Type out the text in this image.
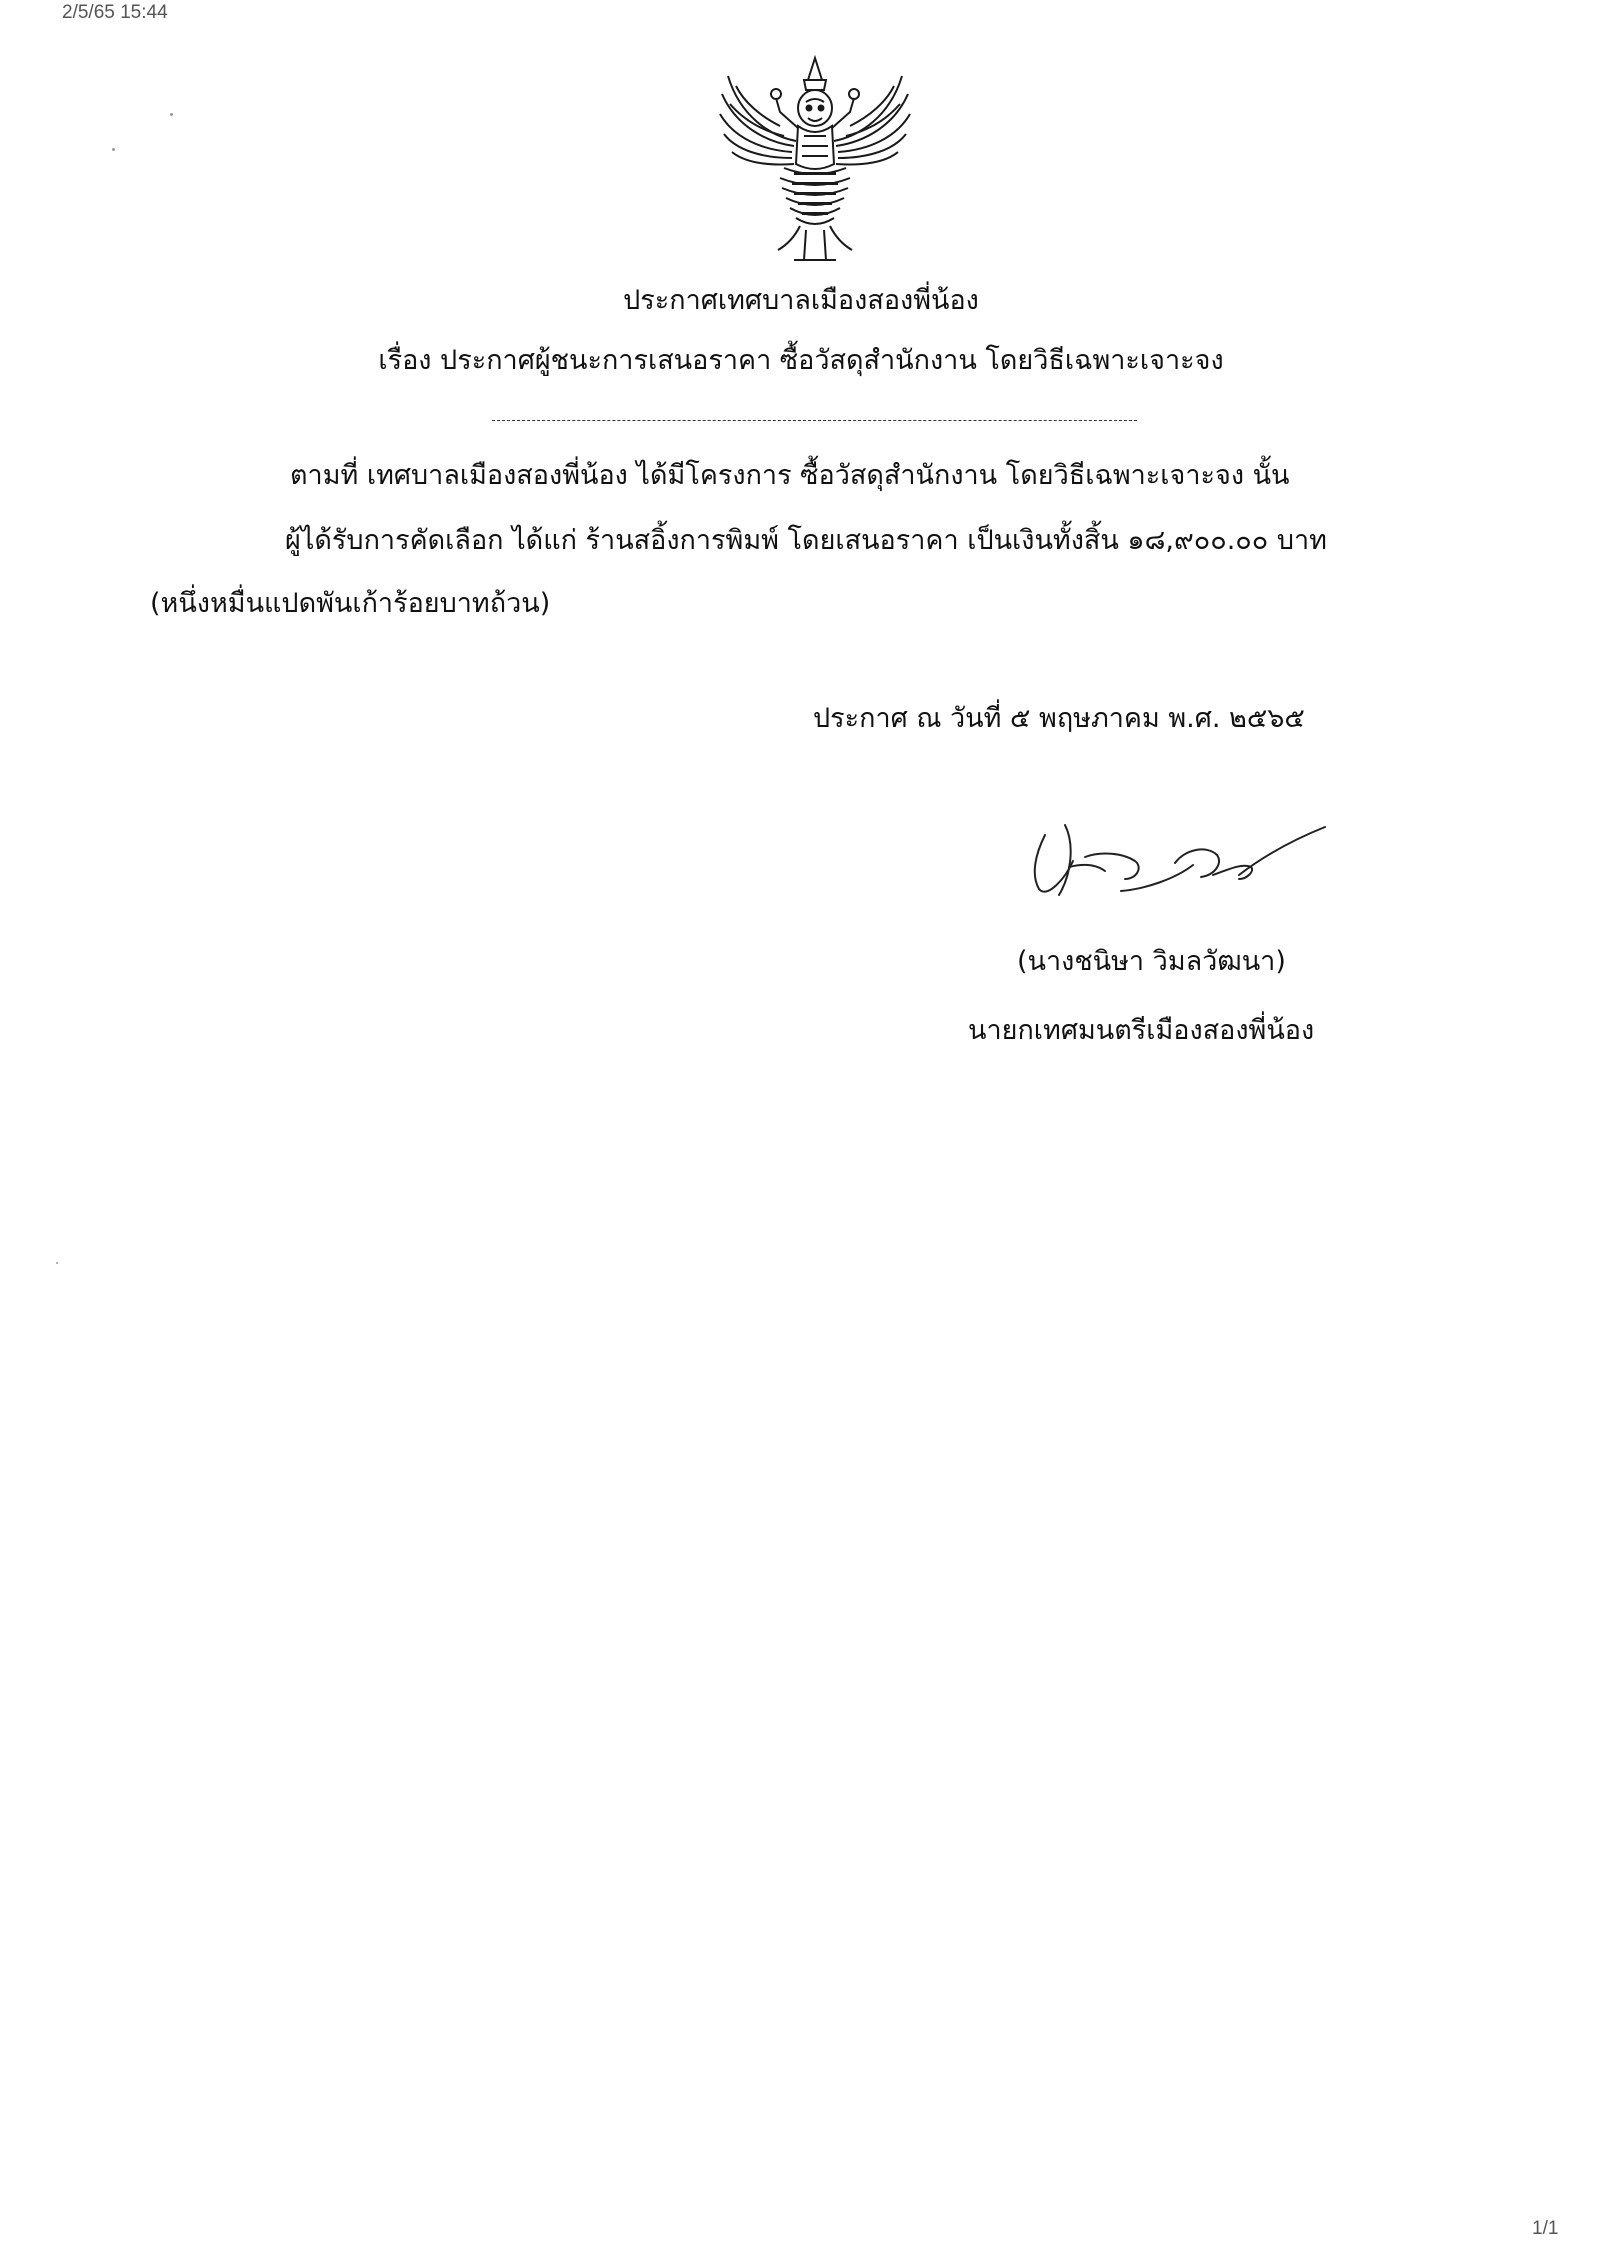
2/5/65 15:44
ประกาศเทศบาลเมืองสองพี่น้อง
เรื่อง ประกาศผู้ชนะการเสนอราคา ซื้อวัสดุสำนักงาน โดยวิธีเฉพาะเจาะจง
ตามที่ เทศบาลเมืองสองพี่น้อง ได้มีโครงการ ซื้อวัสดุสำนักงาน โดยวิธีเฉพาะเจาะจง นั้น
ผู้ได้รับการคัดเลือก ได้แก่ ร้านสอิ้งการพิมพ์ โดยเสนอราคา เป็นเงินทั้งสิ้น ๑๘,๙๐๐.๐๐ บาท
(หนึ่งหมื่นแปดพันเก้าร้อยบาทถ้วน)
ประกาศ ณ วันที่ ๕ พฤษภาคม พ.ศ. ๒๕๖๕
(นางชนิษา วิมลวัฒนา)
นายกเทศมนตรีเมืองสองพี่น้อง
1/1
